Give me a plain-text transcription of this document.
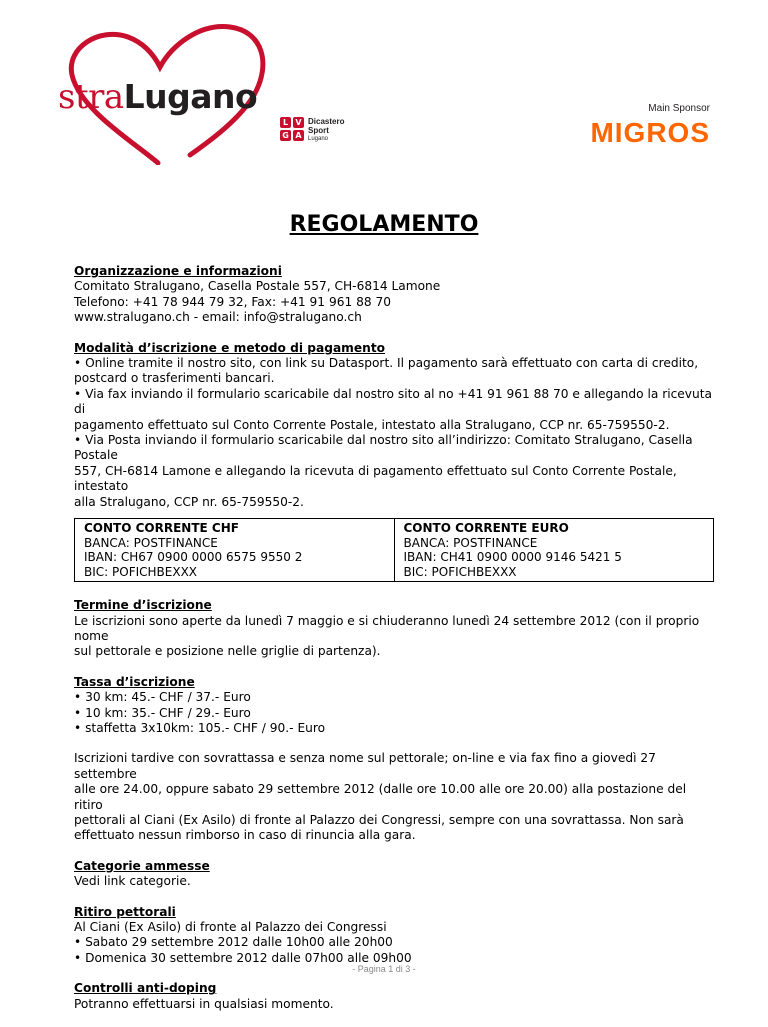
straLugano
L V
G A
Dicastero
Sport
Lugano
Main Sponsor
MIGROS
REGOLAMENTO
Organizzazione e informazioni
Comitato Stralugano, Casella Postale 557, CH-6814 Lamone
Telefono: +41 78 944 79 32, Fax: +41 91 961 88 70
www.stralugano.ch - email: info@stralugano.ch
Modalità d’iscrizione e metodo di pagamento
• Online tramite il nostro sito, con link su Datasport. Il pagamento sarà effettuato con carta di credito,
postcard o trasferimenti bancari.
• Via fax inviando il formulario scaricabile dal nostro sito al no +41 91 961 88 70 e allegando la ricevuta di
pagamento effettuato sul Conto Corrente Postale, intestato alla Stralugano, CCP nr. 65-759550-2.
• Via Posta inviando il formulario scaricabile dal nostro sito all’indirizzo: Comitato Stralugano, Casella Postale
557, CH-6814 Lamone e allegando la ricevuta di pagamento effettuato sul Conto Corrente Postale, intestato
alla Stralugano, CCP nr. 65-759550-2.
CONTO CORRENTE CHF
BANCA: POSTFINANCE
IBAN: CH67 0900 0000 6575 9550 2
BIC: POFICHBEXXX

CONTO CORRENTE EURO
BANCA: POSTFINANCE
IBAN: CH41 0900 0000 9146 5421 5
BIC: POFICHBEXXX
Termine d’iscrizione
Le iscrizioni sono aperte da lunedì 7 maggio e si chiuderanno lunedì 24 settembre 2012 (con il proprio nome
sul pettorale e posizione nelle griglie di partenza).
Tassa d’iscrizione
• 30 km: 45.- CHF / 37.- Euro
• 10 km: 35.- CHF / 29.- Euro
• staffetta 3x10km: 105.- CHF / 90.- Euro
Iscrizioni tardive con sovrattassa e senza nome sul pettorale; on-line e via fax fino a giovedì 27 settembre
alle ore 24.00, oppure sabato 29 settembre 2012 (dalle ore 10.00 alle ore 20.00) alla postazione del ritiro
pettorali al Ciani (Ex Asilo) di fronte al Palazzo dei Congressi, sempre con una sovrattassa. Non sarà
effettuato nessun rimborso in caso di rinuncia alla gara.
Categorie ammesse
Vedi link categorie.
Ritiro pettorali
Al Ciani (Ex Asilo) di fronte al Palazzo dei Congressi
• Sabato 29 settembre 2012 dalle 10h00 alle 20h00
• Domenica 30 settembre 2012 dalle 07h00 alle 09h00
Controlli anti-doping
Potranno effettuarsi in qualsiasi momento.
- Pagina 1 di 3 -
